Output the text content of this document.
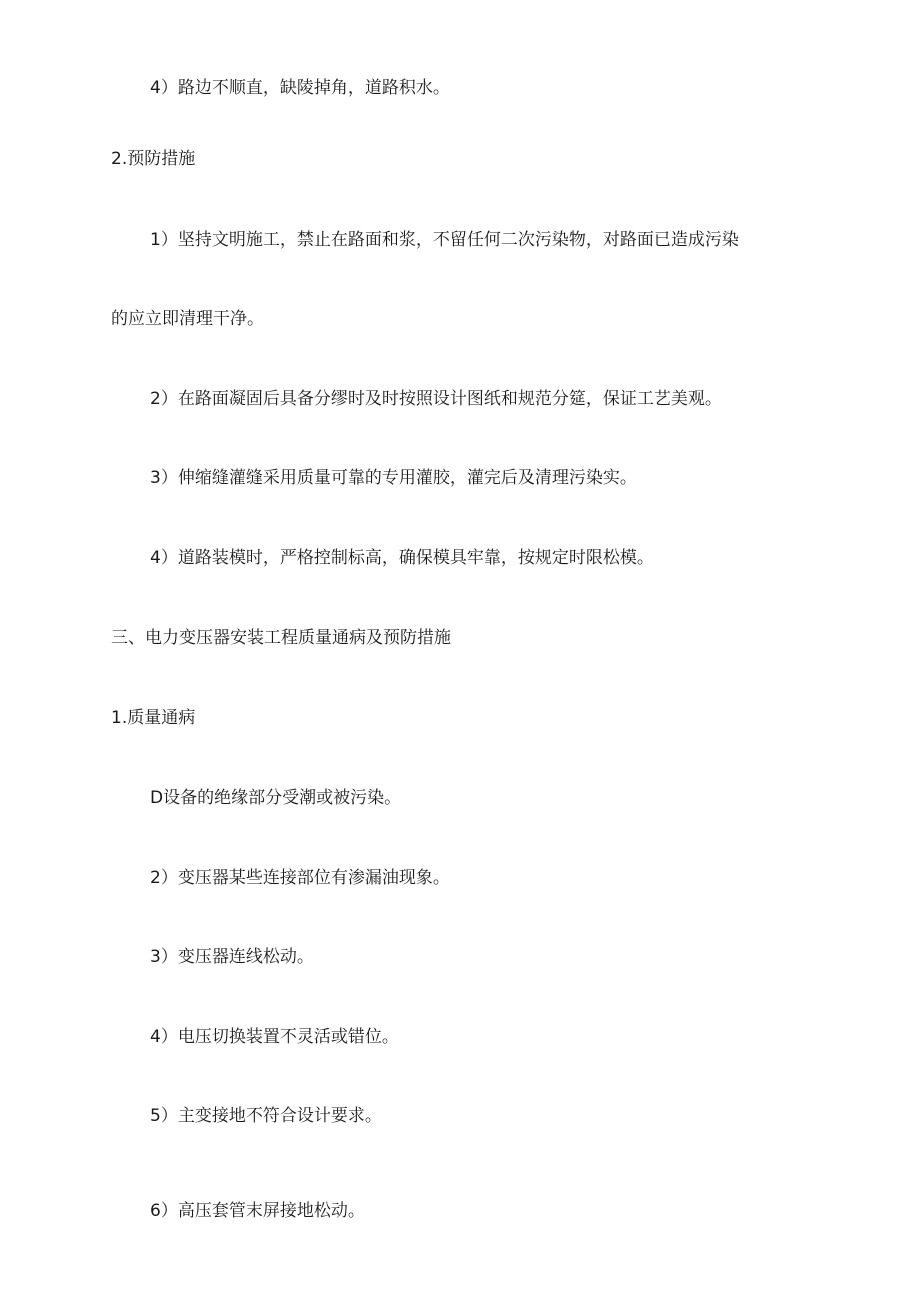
4）路边不顺直，缺陵掉角，道路积水。

2.预防措施

1）坚持文明施工，禁止在路面和浆，不留任何二次污染物，对路面已造成污染

的应立即清理干净。

2）在路面凝固后具备分缪时及时按照设计图纸和规范分筵，保证工艺美观。

3）伸缩缝灌缝采用质量可靠的专用灌胶，灌完后及清理污染实。

4）道路装模时，严格控制标高，确保模具牢靠，按规定时限松模。

三、电力变压器安装工程质量通病及预防措施

1.质量通病

D设备的绝缘部分受潮或被污染。

2）变压器某些连接部位有渗漏油现象。

3）变压器连线松动。

4）电压切换装置不灵活或错位。

5）主变接地不符合设计要求。

6）高压套管末屏接地松动。
